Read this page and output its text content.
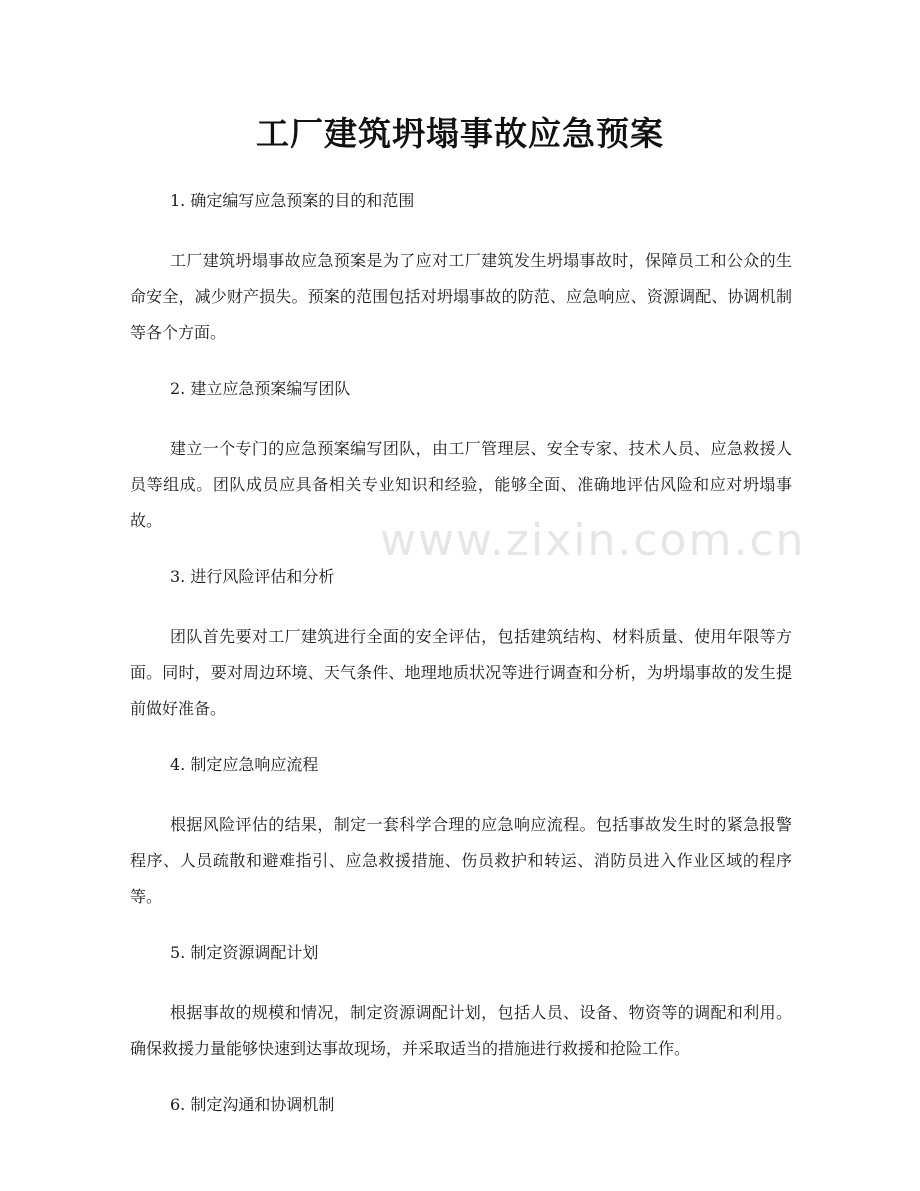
www.zixin.com.cn
工厂建筑坍塌事故应急预案
1. 确定编写应急预案的目的和范围
工厂建筑坍塌事故应急预案是为了应对工厂建筑发生坍塌事故时，保障员工和公众的生命安全，减少财产损失。预案的范围包括对坍塌事故的防范、应急响应、资源调配、协调机制等各个方面。
2. 建立应急预案编写团队
建立一个专门的应急预案编写团队，由工厂管理层、安全专家、技术人员、应急救援人员等组成。团队成员应具备相关专业知识和经验，能够全面、准确地评估风险和应对坍塌事故。
3. 进行风险评估和分析
团队首先要对工厂建筑进行全面的安全评估，包括建筑结构、材料质量、使用年限等方面。同时，要对周边环境、天气条件、地理地质状况等进行调查和分析，为坍塌事故的发生提前做好准备。
4. 制定应急响应流程
根据风险评估的结果，制定一套科学合理的应急响应流程。包括事故发生时的紧急报警程序、人员疏散和避难指引、应急救援措施、伤员救护和转运、消防员进入作业区域的程序等。
5. 制定资源调配计划
根据事故的规模和情况，制定资源调配计划，包括人员、设备、物资等的调配和利用。确保救援力量能够快速到达事故现场，并采取适当的措施进行救援和抢险工作。
6. 制定沟通和协调机制
